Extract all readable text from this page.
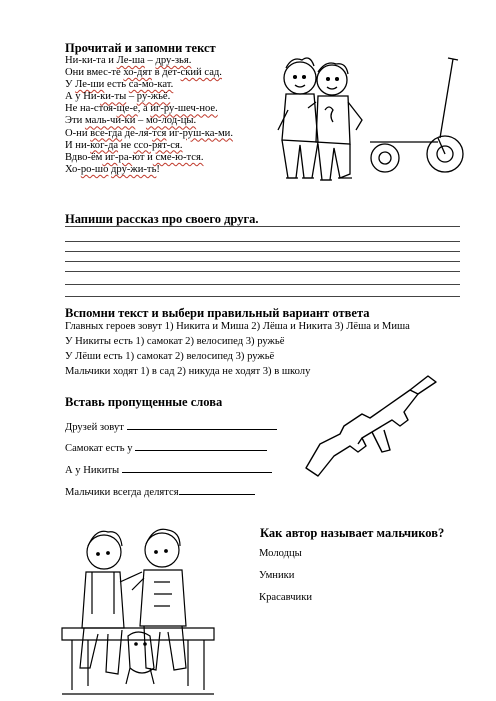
Прочитай и запомни текст
Ни-ки-та и Ле-ша – дру-зья.
Они вмес-те хо-дят в дет-ский сад.
У Ле-ши есть са-мо-кат.
А у Ни-ки-ты – ру-жьё.
Не на-стоя-ще-е, а иг-ру-шеч-ное.
Эти маль-чи-ки – мо-лод-цы.
О-ни все-гда де-ля-тся иг-руш-ка-ми.
И ни-ког-да не ссо-рят-ся.
Вдво-ём иг-ра-ют и сме-ю-тся.
Хо-ро-шо дру-жи-ть!
Напиши рассказ про своего друга.
Вспомни текст и выбери правильный вариант ответа
Главных героев зовут 1) Никита и Миша 2) Лёша и Никита 3) Лёша и Миша
У Никиты есть 1) самокат 2) велосипед 3) ружьё
У Лёши есть 1) самокат 2) велосипед 3) ружьё
Мальчики ходят 1) в сад 2) никуда не ходят 3) в школу
Вставь пропущенные слова
Друзей зовут
Самокат есть у
А у Никиты
Мальчики всегда делятся
Как автор называет мальчиков?
Молодцы
Умники
Красавчики
